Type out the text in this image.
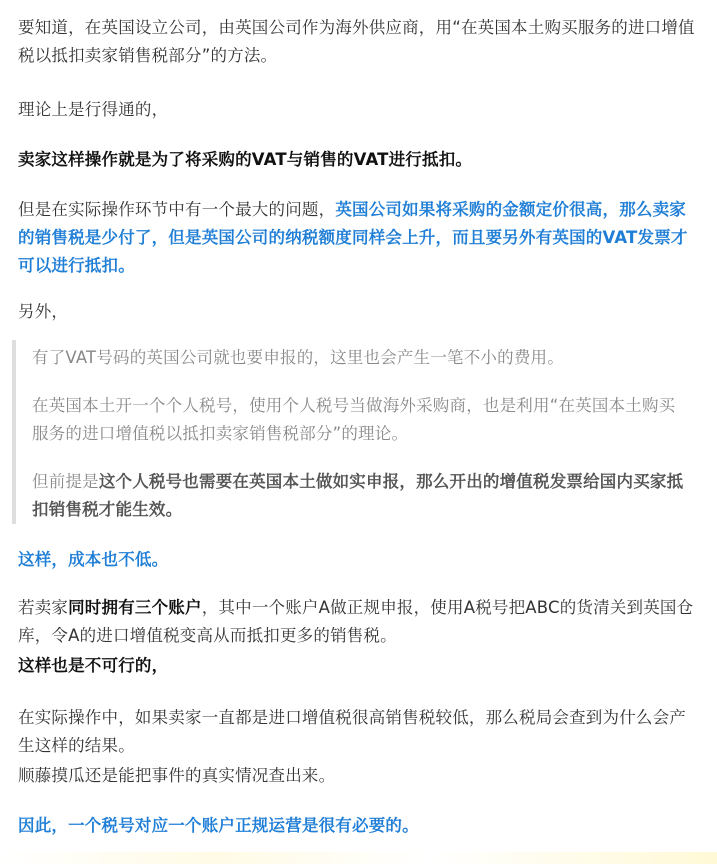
要知道，在英国设立公司，由英国公司作为海外供应商，用“在英国本土购买服务的进口增值税以抵扣卖家销售税部分”的方法。

理论上是行得通的，

卖家这样操作就是为了将采购的VAT与销售的VAT进行抵扣。

但是在实际操作环节中有一个最大的问题，英国公司如果将采购的金额定价很高，那么卖家的销售税是少付了，但是英国公司的纳税额度同样会上升，而且要另外有英国的VAT发票才可以进行抵扣。

另外，

有了VAT号码的英国公司就也要申报的，这里也会产生一笔不小的费用。

在英国本土开一个个人税号，使用个人税号当做海外采购商，也是利用“在英国本土购买服务的进口增值税以抵扣卖家销售税部分”的理论。

但前提是这个人税号也需要在英国本土做如实申报，那么开出的增值税发票给国内买家抵扣销售税才能生效。

这样，成本也不低。

若卖家同时拥有三个账户，其中一个账户A做正规申报，使用A税号把ABC的货清关到英国仓库，令A的进口增值税变高从而抵扣更多的销售税。

这样也是不可行的，

在实际操作中，如果卖家一直都是进口增值税很高销售税较低，那么税局会查到为什么会产生这样的结果。

顺藤摸瓜还是能把事件的真实情况查出来。

因此，一个税号对应一个账户正规运营是很有必要的。
